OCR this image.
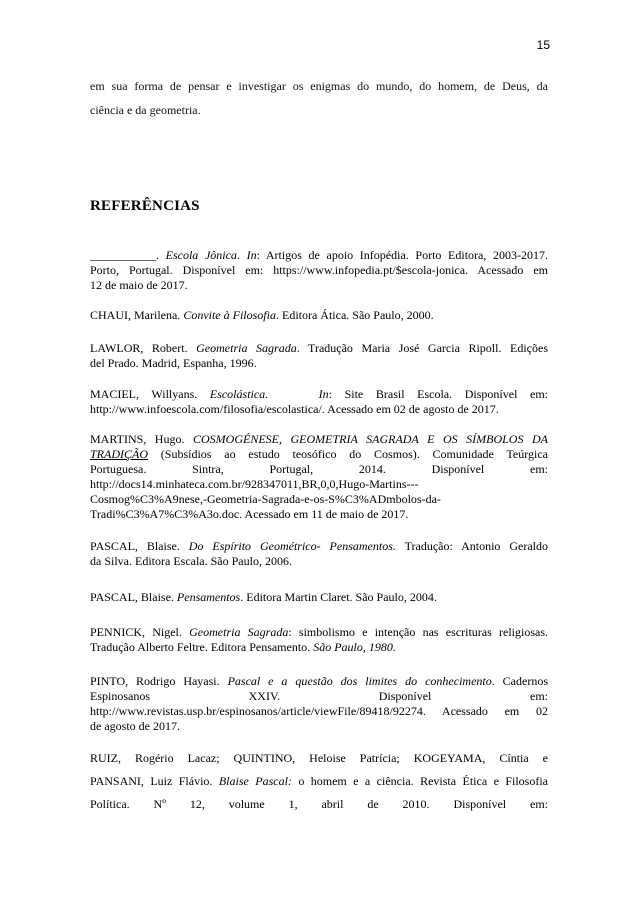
15
em sua forma de pensar e investigar os enigmas do mundo, do homem, de Deus, da
ciência e da geometria.
REFERÊNCIAS
___________. Escola Jônica. In: Artigos de apoio Infopédia. Porto Editora, 2003-2017.
Porto, Portugal. Disponível em: https://www.infopedia.pt/$escola-jonica. Acessado em
12 de maio de 2017.
CHAUI, Marilena. Convite à Filosofia. Editora Ática. São Paulo, 2000.
LAWLOR, Robert. Geometria Sagrada. Tradução Maria José Garcia Ripoll. Edições
del Prado. Madrid, Espanha, 1996.
MACIEL, Willyans. Escolástica.	In: Site Brasil Escola. Disponível em:
http://www.infoescola.com/filosofia/escolastica/. Acessado em 02 de agosto de 2017.
MARTINS, Hugo. COSMOGÉNESE, GEOMETRIA SAGRADA E OS SÍMBOLOS DA
TRADIÇÃO (Subsídios ao estudo teosófico do Cosmos). Comunidade Teúrgica
Portuguesa. Sintra, Portugal, 2014. Disponível em:
http://docs14.minhateca.com.br/928347011,BR,0,0,Hugo-Martins---
Cosmog%C3%A9nese,-Geometria-Sagrada-e-os-S%C3%ADmbolos-da-
Tradi%C3%A7%C3%A3o.doc. Acessado em 11 de maio de 2017.
PASCAL, Blaise. Do Espírito Geométrico- Pensamentos. Tradução: Antonio Geraldo
da Silva. Editora Escala. São Paulo, 2006.
PASCAL, Blaise. Pensamentos. Editora Martin Claret. São Paulo, 2004.
PENNICK, Nigel. Geometria Sagrada: simbolismo e intenção nas escrituras religiosas.
Tradução Alberto Feltre. Editora Pensamento. São Paulo, 1980.
PINTO, Rodrigo Hayasi. Pascal e a questão dos limites do conhecimento. Cadernos
Espinosanos XXIV. Disponível em:
http://www.revistas.usp.br/espinosanos/article/viewFile/89418/92274. Acessado em 02
de agosto de 2017.
RUIZ, Rogério Lacaz; QUINTINO, Heloise Patrícia; KOGEYAMA, Cíntia e
PANSANI, Luiz Flávio. Blaise Pascal: o homem e a ciência. Revista Ética e Filosofia
Política. Nº 12, volume 1, abril de 2010. Disponível em:
